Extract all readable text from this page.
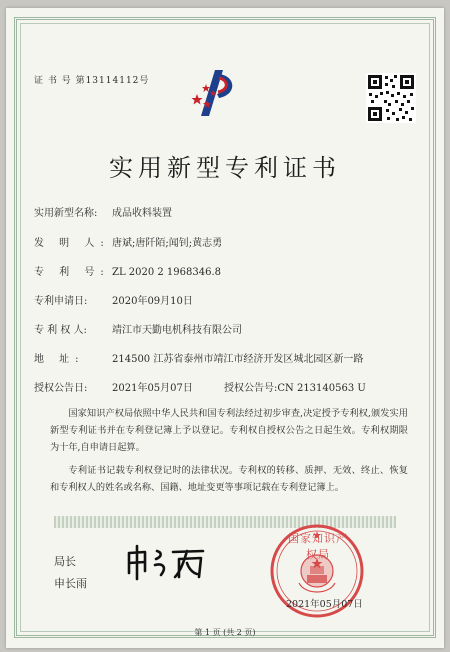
证 书 号 第13114112号
实用新型专利证书
实用新型名称: 成品收料装置
发 明 人: 唐斌;唐阡陌;闻钊;黄志勇
专 利 号: ZL 2020 2 1968346.8
专利申请日: 2020年09月10日
专 利 权 人:	靖江市天勤电机科技有限公司
地 址:	214500 江苏省泰州市靖江市经济开发区城北园区新一路
授权公告日: 2021年05月07日	授权公告号:CN 213140563 U
国家知识产权局依照中华人民共和国专利法经过初步审查,决定授予专利权,颁发实用新型专利证书并在专利登记簿上予以登记。专利权自授权公告之日起生效。专利权期限为十年,自申请日起算。
专利证书记载专利权登记时的法律状况。专利权的转移、质押、无效、终止、恢复和专利权人的姓名或名称、国籍、地址变更等事项记载在专利登记簿上。
局长
申长雨
国家知识产权局
2021年05月07日
第 1 页 (共 2 页)
